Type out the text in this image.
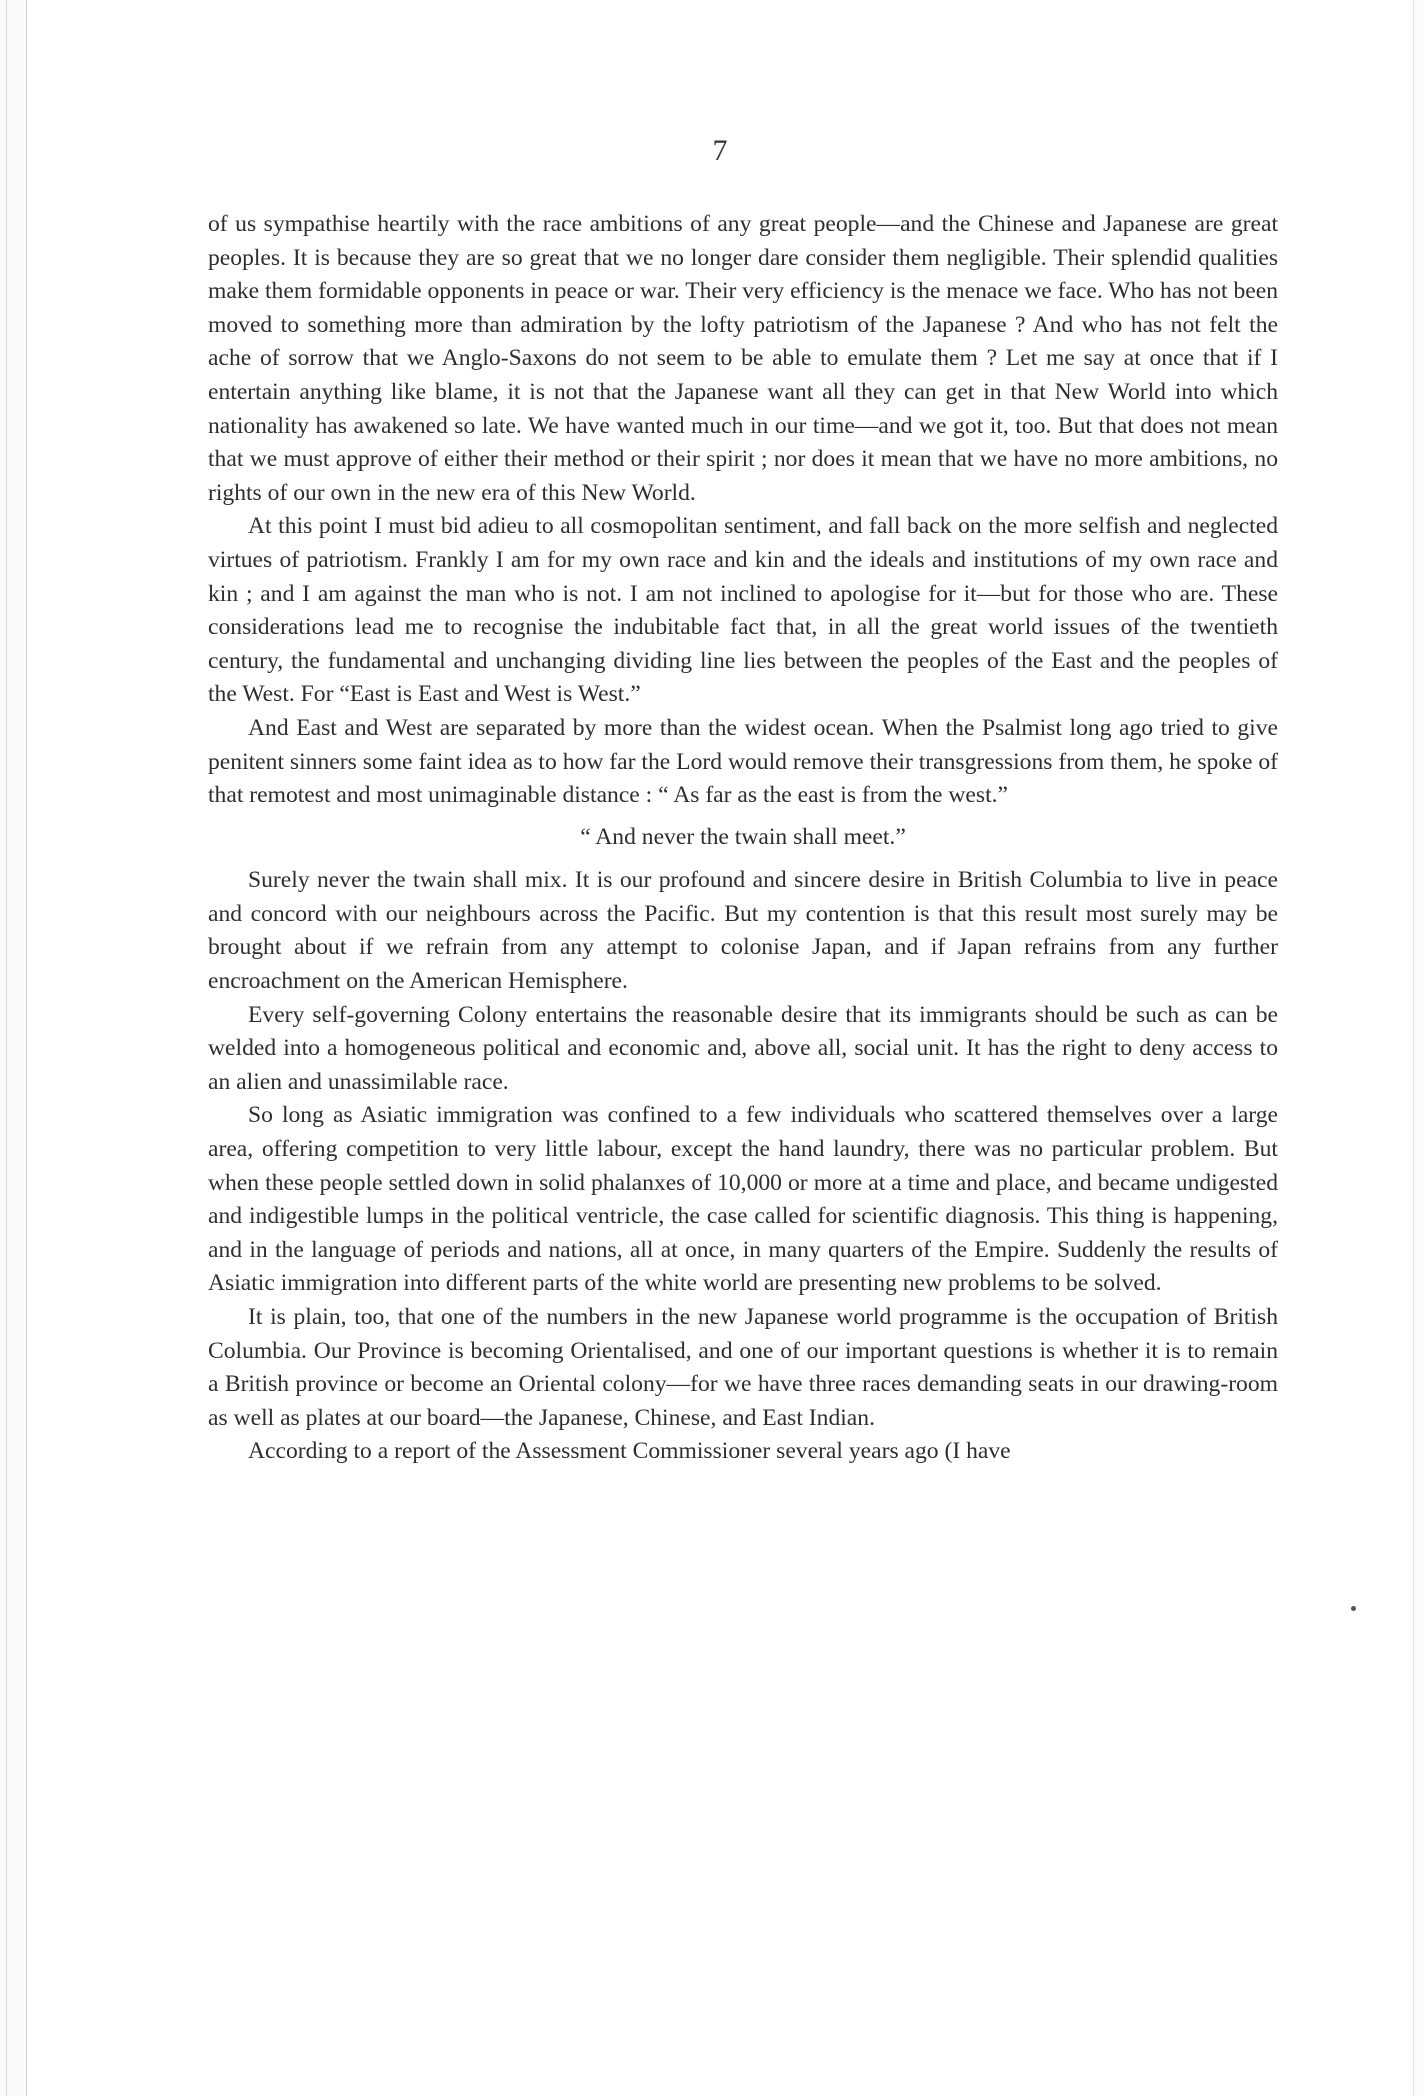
7

of us sympathise heartily with the race ambitions of any great people—and the Chinese and Japanese are great peoples. It is because they are so great that we no longer dare consider them negligible. Their splendid qualities make them formidable opponents in peace or war. Their very efficiency is the menace we face. Who has not been moved to something more than admiration by the lofty patriotism of the Japanese ? And who has not felt the ache of sorrow that we Anglo-Saxons do not seem to be able to emulate them ? Let me say at once that if I entertain anything like blame, it is not that the Japanese want all they can get in that New World into which nationality has awakened so late. We have wanted much in our time—and we got it, too. But that does not mean that we must approve of either their method or their spirit ; nor does it mean that we have no more ambitions, no rights of our own in the new era of this New World.

At this point I must bid adieu to all cosmopolitan sentiment, and fall back on the more selfish and neglected virtues of patriotism. Frankly I am for my own race and kin and the ideals and institutions of my own race and kin ; and I am against the man who is not. I am not inclined to apologise for it—but for those who are. These considerations lead me to recognise the indubitable fact that, in all the great world issues of the twentieth century, the fundamental and unchanging dividing line lies between the peoples of the East and the peoples of the West. For “East is East and West is West.”

And East and West are separated by more than the widest ocean. When the Psalmist long ago tried to give penitent sinners some faint idea as to how far the Lord would remove their transgressions from them, he spoke of that remotest and most unimaginable distance : “ As far as the east is from the west.”

“ And never the twain shall meet.”

Surely never the twain shall mix. It is our profound and sincere desire in British Columbia to live in peace and concord with our neighbours across the Pacific. But my contention is that this result most surely may be brought about if we refrain from any attempt to colonise Japan, and if Japan refrains from any further encroachment on the American Hemisphere.

Every self-governing Colony entertains the reasonable desire that its immigrants should be such as can be welded into a homogeneous political and economic and, above all, social unit. It has the right to deny access to an alien and unassimilable race.

So long as Asiatic immigration was confined to a few individuals who scattered themselves over a large area, offering competition to very little labour, except the hand laundry, there was no particular problem. But when these people settled down in solid phalanxes of 10,000 or more at a time and place, and became undigested and indigestible lumps in the political ventricle, the case called for scientific diagnosis. This thing is happening, and in the language of periods and nations, all at once, in many quarters of the Empire. Suddenly the results of Asiatic immigration into different parts of the white world are presenting new problems to be solved.

It is plain, too, that one of the numbers in the new Japanese world programme is the occupation of British Columbia. Our Province is becoming Orientalised, and one of our important questions is whether it is to remain a British province or become an Oriental colony—for we have three races demanding seats in our drawing-room as well as plates at our board—the Japanese, Chinese, and East Indian.

According to a report of the Assessment Commissioner several years ago (I have
